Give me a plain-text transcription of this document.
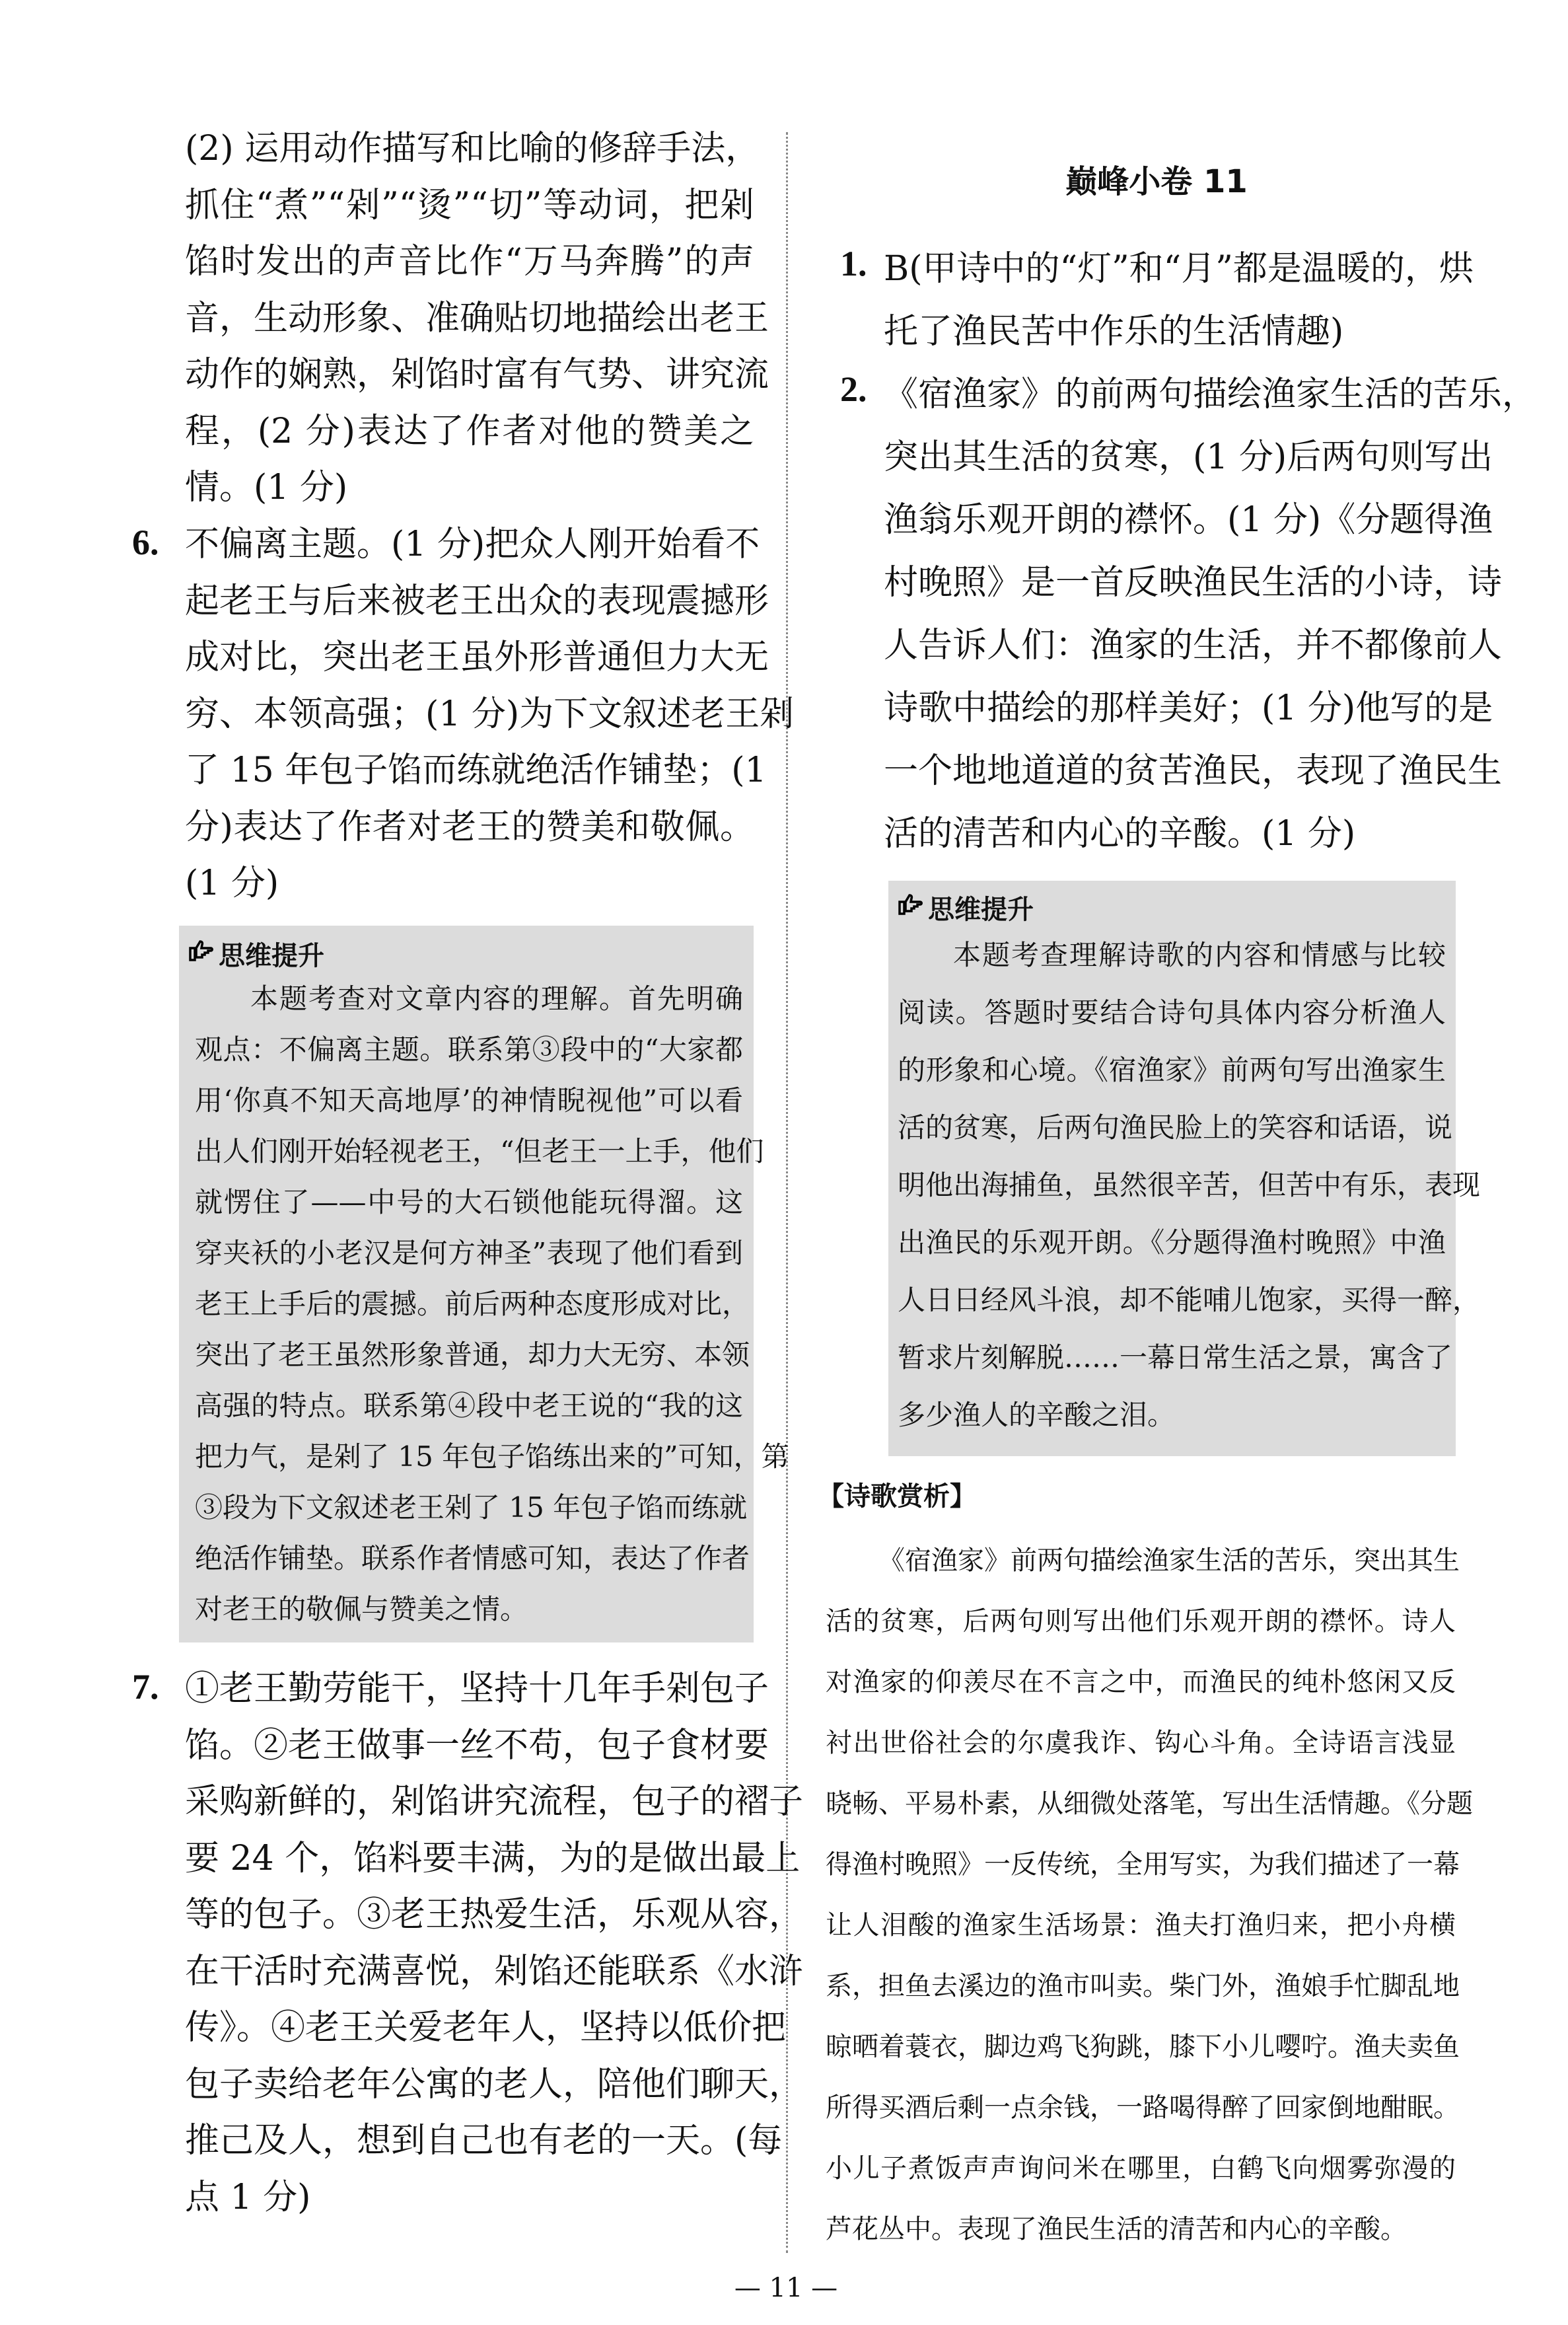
(2) 运用动作描写和比喻的修辞手法，
抓住“煮”“剁”“烫”“切”等动词，把剁
馅时发出的声音比作“万马奔腾”的声
音，生动形象、准确贴切地描绘出老王
动作的娴熟，剁馅时富有气势、讲究流
程，(2 分)表达了作者对他的赞美之
情。(1 分)
6. 不偏离主题。(1 分)把众人刚开始看不
起老王与后来被老王出众的表现震撼形
成对比，突出老王虽外形普通但力大无
穷、本领高强；(1 分)为下文叙述老王剁
了 15 年包子馅而练就绝活作铺垫；(1
分)表达了作者对老王的赞美和敬佩。
(1 分)
思维提升
本题考查对文章内容的理解。首先明确
观点：不偏离主题。联系第③段中的“大家都
用‘你真不知天高地厚’的神情睨视他”可以看
出人们刚开始轻视老王，“但老王一上手，他们
就愣住了——中号的大石锁他能玩得溜。这
穿夹袄的小老汉是何方神圣”表现了他们看到
老王上手后的震撼。前后两种态度形成对比，
突出了老王虽然形象普通，却力大无穷、本领
高强的特点。联系第④段中老王说的“我的这
把力气，是剁了 15 年包子馅练出来的”可知，第
③段为下文叙述老王剁了 15 年包子馅而练就
绝活作铺垫。联系作者情感可知，表达了作者
对老王的敬佩与赞美之情。
7. ①老王勤劳能干，坚持十几年手剁包子
馅。②老王做事一丝不苟，包子食材要
采购新鲜的，剁馅讲究流程，包子的褶子
要 24 个，馅料要丰满，为的是做出最上
等的包子。③老王热爱生活，乐观从容，
在干活时充满喜悦，剁馅还能联系《水浒
传》。④老王关爱老年人，坚持以低价把
包子卖给老年公寓的老人，陪他们聊天，
推己及人，想到自己也有老的一天。(每
点 1 分)
巅峰小卷 11
1. B(甲诗中的“灯”和“月”都是温暖的，烘
托了渔民苦中作乐的生活情趣)
2. 《宿渔家》的前两句描绘渔家生活的苦乐，
突出其生活的贫寒，(1 分)后两句则写出
渔翁乐观开朗的襟怀。(1 分)《分题得渔
村晚照》是一首反映渔民生活的小诗，诗
人告诉人们：渔家的生活，并不都像前人
诗歌中描绘的那样美好；(1 分)他写的是
一个地地道道的贫苦渔民，表现了渔民生
活的清苦和内心的辛酸。(1 分)
思维提升
本题考查理解诗歌的内容和情感与比较
阅读。答题时要结合诗句具体内容分析渔人
的形象和心境。《宿渔家》前两句写出渔家生
活的贫寒，后两句渔民脸上的笑容和话语，说
明他出海捕鱼，虽然很辛苦，但苦中有乐，表现
出渔民的乐观开朗。《分题得渔村晚照》中渔
人日日经风斗浪，却不能哺儿饱家，买得一醉，
暂求片刻解脱……一幕日常生活之景，寓含了
多少渔人的辛酸之泪。
【诗歌赏析】
《宿渔家》前两句描绘渔家生活的苦乐，突出其生
活的贫寒，后两句则写出他们乐观开朗的襟怀。诗人
对渔家的仰羡尽在不言之中，而渔民的纯朴悠闲又反
衬出世俗社会的尔虞我诈、钩心斗角。全诗语言浅显
晓畅、平易朴素，从细微处落笔，写出生活情趣。《分题
得渔村晚照》一反传统，全用写实，为我们描述了一幕
让人泪酸的渔家生活场景：渔夫打渔归来，把小舟横
系，担鱼去溪边的渔市叫卖。柴门外，渔娘手忙脚乱地
晾晒着蓑衣，脚边鸡飞狗跳，膝下小儿嘤咛。渔夫卖鱼
所得买酒后剩一点余钱，一路喝得醉了回家倒地酣眠。
小儿子煮饭声声询问米在哪里，白鹤飞向烟雾弥漫的
芦花丛中。表现了渔民生活的清苦和内心的辛酸。
— 11 —
